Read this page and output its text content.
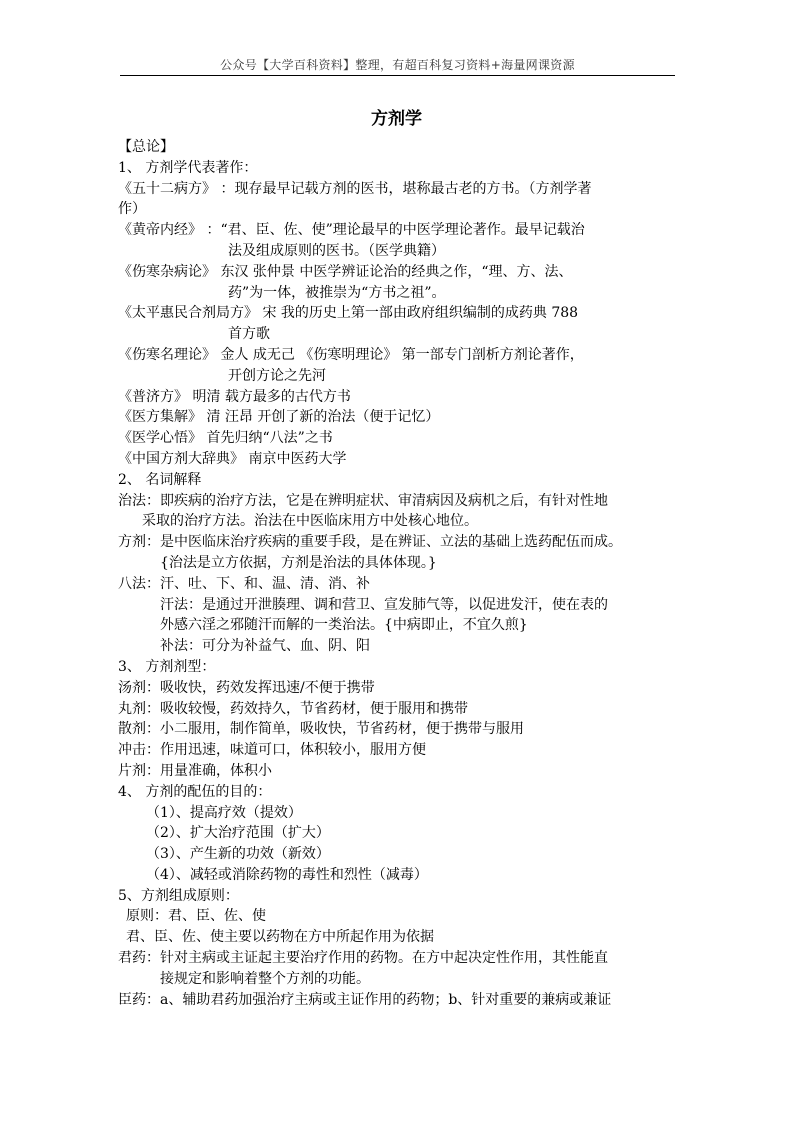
公众号【大学百科资料】整理，有超百科复习资料+海量网课资源
方剂学
【总论】
1、 方剂学代表著作：
《五十二病方》 ：现存最早记载方剂的医书，堪称最古老的方书。（方剂学著
作）
《黄帝内经》 ：“君、臣、佐、使”理论最早的中医学理论著作。最早记载治
法及组成原则的医书。（医学典籍）
《伤寒杂病论》 东汉 张仲景 中医学辨证论治的经典之作，“理、方、法、
药”为一体，被推崇为“方书之祖”。
《太平惠民合剂局方》 宋 我的历史上第一部由政府组织编制的成药典 788
首方歌
《伤寒名理论》 金人 成无己 《伤寒明理论》 第一部专门剖析方剂论著作，
开创方论之先河
《普济方》 明清 载方最多的古代方书
《医方集解》 清 汪昂 开创了新的治法（便于记忆）
《医学心悟》 首先归纳“八法”之书
《中国方剂大辞典》 南京中医药大学
2、 名词解释
治法：即疾病的治疗方法，它是在辨明症状、审清病因及病机之后，有针对性地
采取的治疗方法。治法在中医临床用方中处核心地位。
方剂：是中医临床治疗疾病的重要手段，是在辨证、立法的基础上选药配伍而成。
{治法是立方依据，方剂是治法的具体体现。}
八法：汗、吐、下、和、温、清、消、补
汗法：是通过开泄腠理、调和营卫、宣发肺气等，以促进发汗，使在表的
外感六淫之邪随汗而解的一类治法。{中病即止，不宜久煎}
补法：可分为补益气、血、阴、阳
3、 方剂剂型：
汤剂：吸收快，药效发挥迅速/不便于携带
丸剂：吸收较慢，药效持久，节省药材，便于服用和携带
散剂：小二服用，制作简单，吸收快，节省药材，便于携带与服用
冲击：作用迅速，味道可口，体积较小，服用方便
片剂：用量准确，体积小
4、 方剂的配伍的目的：
（1）、提高疗效（提效）
（2）、扩大治疗范围（扩大）
（3）、产生新的功效（新效）
（4）、减轻或消除药物的毒性和烈性（减毒）
5、方剂组成原则：
原则：君、臣、佐、使
君、臣、佐、使主要以药物在方中所起作用为依据
君药：针对主病或主证起主要治疗作用的药物。在方中起决定性作用，其性能直
接规定和影响着整个方剂的功能。
臣药：a、辅助君药加强治疗主病或主证作用的药物；b、针对重要的兼病或兼证
